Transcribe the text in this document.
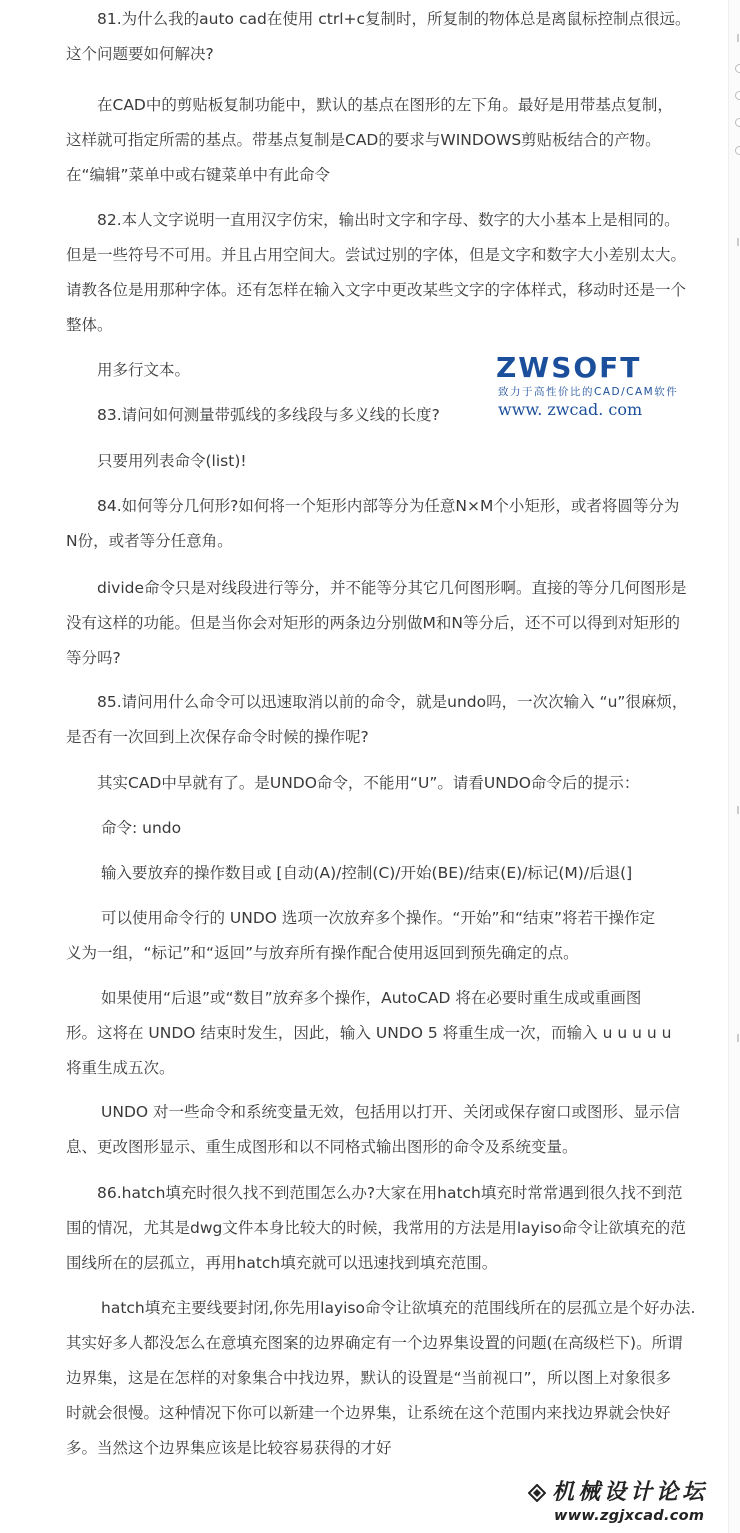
81.为什么我的auto cad在使用 ctrl+c复制时，所复制的物体总是离鼠标控制点很远。
这个问题要如何解决?
在CAD中的剪贴板复制功能中，默认的基点在图形的左下角。最好是用带基点复制，
这样就可指定所需的基点。带基点复制是CAD的要求与WINDOWS剪贴板结合的产物。
在“编辑”菜单中或右键菜单中有此命令
82.本人文字说明一直用汉字仿宋，输出时文字和字母、数字的大小基本上是相同的。
但是一些符号不可用。并且占用空间大。尝试过别的字体，但是文字和数字大小差别太大。
请教各位是用那种字体。还有怎样在输入文字中更改某些文字的字体样式，移动时还是一个
整体。
用多行文本。
83.请问如何测量带弧线的多线段与多义线的长度?
只要用列表命令(list)!
84.如何等分几何形?如何将一个矩形内部等分为任意N×M个小矩形，或者将圆等分为
N份，或者等分任意角。
divide命令只是对线段进行等分，并不能等分其它几何图形啊。直接的等分几何图形是
没有这样的功能。但是当你会对矩形的两条边分别做M和N等分后，还不可以得到对矩形的
等分吗?
85.请问用什么命令可以迅速取消以前的命令，就是undo吗，一次次输入 “u”很麻烦，
是否有一次回到上次保存命令时候的操作呢?
其实CAD中早就有了。是UNDO命令，不能用“U”。请看UNDO命令后的提示：
命令: undo
输入要放弃的操作数目或 [自动(A)/控制(C)/开始(BE)/结束(E)/标记(M)/后退(]
可以使用命令行的 UNDO 选项一次放弃多个操作。“开始”和“结束”将若干操作定
义为一组，“标记”和“返回”与放弃所有操作配合使用返回到预先确定的点。
如果使用“后退”或“数目”放弃多个操作，AutoCAD 将在必要时重生成或重画图
形。这将在 UNDO 结束时发生，因此，输入 UNDO 5 将重生成一次，而输入 u u u u u
将重生成五次。
UNDO 对一些命令和系统变量无效，包括用以打开、关闭或保存窗口或图形、显示信
息、更改图形显示、重生成图形和以不同格式输出图形的命令及系统变量。
86.hatch填充时很久找不到范围怎么办?大家在用hatch填充时常常遇到很久找不到范
围的情况，尤其是dwg文件本身比较大的时候，我常用的方法是用layiso命令让欲填充的范
围线所在的层孤立，再用hatch填充就可以迅速找到填充范围。
hatch填充主要线要封闭,你先用layiso命令让欲填充的范围线所在的层孤立是个好办法.
其实好多人都没怎么在意填充图案的边界确定有一个边界集设置的问题(在高级栏下)。所谓
边界集，这是在怎样的对象集合中找边界，默认的设置是“当前视口”，所以图上对象很多
时就会很慢。这种情况下你可以新建一个边界集，让系统在这个范围内来找边界就会快好
多。当然这个边界集应该是比较容易获得的才好
ZWSOFT
致力于高性价比的CAD/CAM软件
www. zwcad. com
机械设计论坛
www.zgjxcad.com
